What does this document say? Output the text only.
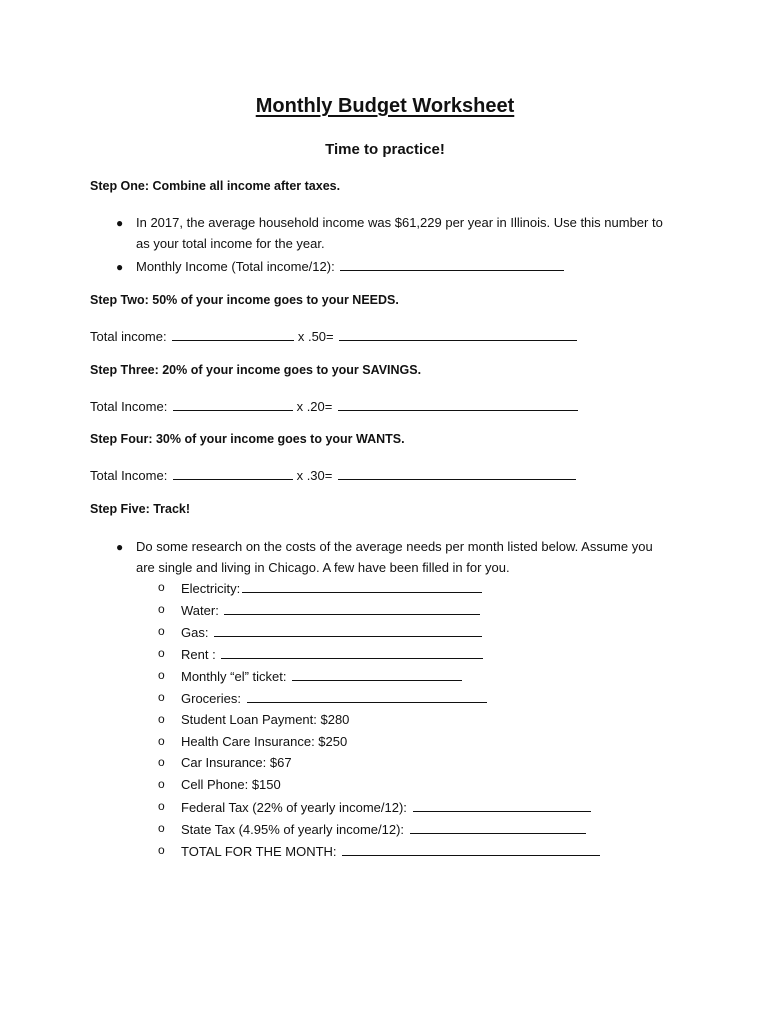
Monthly Budget Worksheet
Time to practice!
Step One: Combine all income after taxes.
● In 2017, the average household income was $61,229 per year in Illinois. Use this number to as your total income for the year.
● Monthly Income (Total income/12):
Step Two: 50% of your income goes to your NEEDS.
Total income:	x .50=
Step Three: 20% of your income goes to your SAVINGS.
Total Income:	x .20=
Step Four: 30% of your income goes to your WANTS.
Total Income:	x .30=
Step Five: Track!
● Do some research on the costs of the average needs per month listed below. Assume you are single and living in Chicago. A few have been filled in for you.
o Electricity:
o Water:
o Gas:
o Rent :
o Monthly “el” ticket:
o Groceries:
o Student Loan Payment: $280
o Health Care Insurance: $250
o Car Insurance: $67
o Cell Phone: $150
o Federal Tax (22% of yearly income/12):
o State Tax (4.95% of yearly income/12):
o TOTAL FOR THE MONTH:
